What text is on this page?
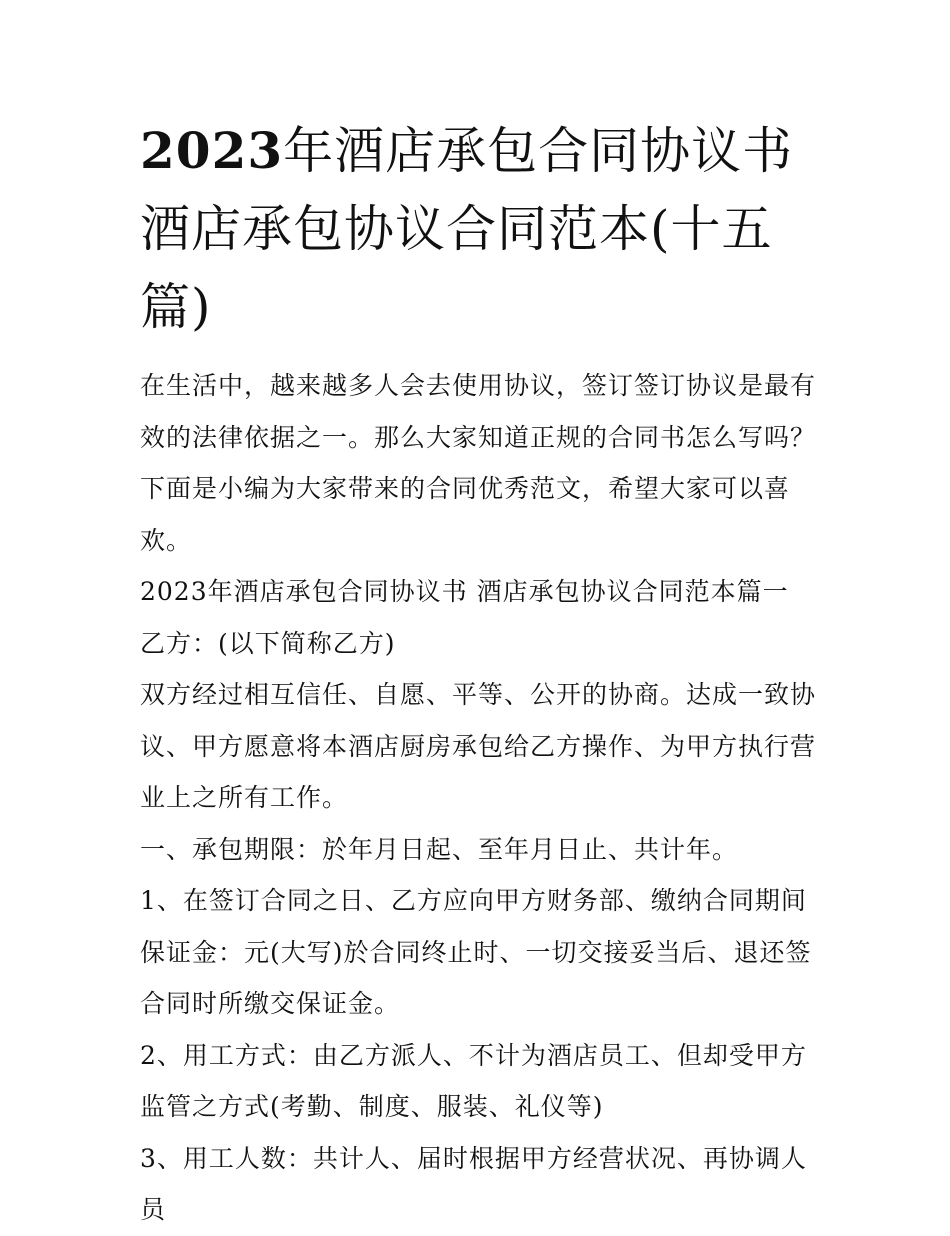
2023年酒店承包合同协议书 酒店承包协议合同范本(十五篇)

在生活中，越来越多人会去使用协议，签订签订协议是最有效的法律依据之一。那么大家知道正规的合同书怎么写吗？下面是小编为大家带来的合同优秀范文，希望大家可以喜欢。

2023年酒店承包合同协议书 酒店承包协议合同范本篇一 乙方：(以下简称乙方)

双方经过相互信任、自愿、平等、公开的协商。达成一致协议、甲方愿意将本酒店厨房承包给乙方操作、为甲方执行营业上之所有工作。

一、承包期限：於年月日起、至年月日止、共计年。

1、在签订合同之日、乙方应向甲方财务部、缴纳合同期间保证金：元(大写)於合同终止时、一切交接妥当后、退还签合同时所缴交保证金。

2、用工方式：由乙方派人、不计为酒店员工、但却受甲方监管之方式(考勤、制度、服装、礼仪等)

3、用工人数：共计人、届时根据甲方经营状况、再协调人员
